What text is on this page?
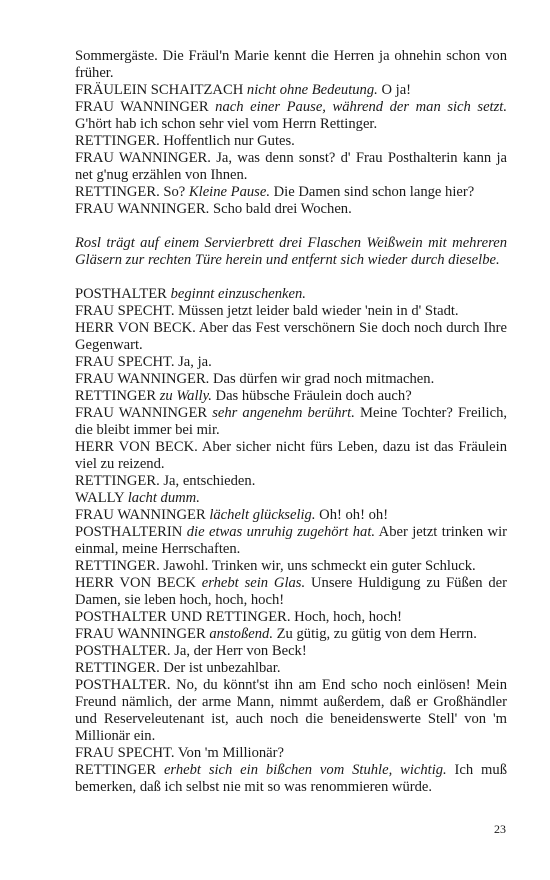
Sommergäste. Die Fräul'n Marie kennt die Herren ja ohnehin schon von früher.

FRÄULEIN SCHAITZACH nicht ohne Bedeutung. O ja!

FRAU WANNINGER nach einer Pause, während der man sich setzt. G'hört hab ich schon sehr viel vom Herrn Rettinger.

RETTINGER. Hoffentlich nur Gutes.

FRAU WANNINGER. Ja, was denn sonst? d' Frau Posthalterin kann ja net g'nug erzählen von Ihnen.

RETTINGER. So? Kleine Pause. Die Damen sind schon lange hier?

FRAU WANNINGER. Scho bald drei Wochen.

Rosl trägt auf einem Servierbrett drei Flaschen Weißwein mit mehreren Gläsern zur rechten Türe herein und entfernt sich wieder durch dieselbe.

POSTHALTER beginnt einzuschenken.

FRAU SPECHT. Müssen jetzt leider bald wieder 'nein in d' Stadt.

HERR VON BECK. Aber das Fest verschönern Sie doch noch durch Ihre Gegenwart.

FRAU SPECHT. Ja, ja.

FRAU WANNINGER. Das dürfen wir grad noch mitmachen.

RETTINGER zu Wally. Das hübsche Fräulein doch auch?

FRAU WANNINGER sehr angenehm berührt. Meine Tochter? Freilich, die bleibt immer bei mir.

HERR VON BECK. Aber sicher nicht fürs Leben, dazu ist das Fräulein viel zu reizend.

RETTINGER. Ja, entschieden.

WALLY lacht dumm.

FRAU WANNINGER lächelt glückselig. Oh! oh! oh!

POSTHALTERIN die etwas unruhig zugehört hat. Aber jetzt trinken wir einmal, meine Herrschaften.

RETTINGER. Jawohl. Trinken wir, uns schmeckt ein guter Schluck.

HERR VON BECK erhebt sein Glas. Unsere Huldigung zu Füßen der Damen, sie leben hoch, hoch, hoch!

POSTHALTER UND RETTINGER. Hoch, hoch, hoch!

FRAU WANNINGER anstoßend. Zu gütig, zu gütig von dem Herrn.

POSTHALTER. Ja, der Herr von Beck!

RETTINGER. Der ist unbezahlbar.

POSTHALTER. No, du könnt'st ihn am End scho noch einlösen! Mein Freund nämlich, der arme Mann, nimmt außerdem, daß er Großhändler und Reserveleutenant ist, auch noch die beneidenswerte Stell' von 'm Millionär ein.

FRAU SPECHT. Von 'm Millionär?

RETTINGER erhebt sich ein bißchen vom Stuhle, wichtig. Ich muß bemerken, daß ich selbst nie mit so was renommieren würde.

23
